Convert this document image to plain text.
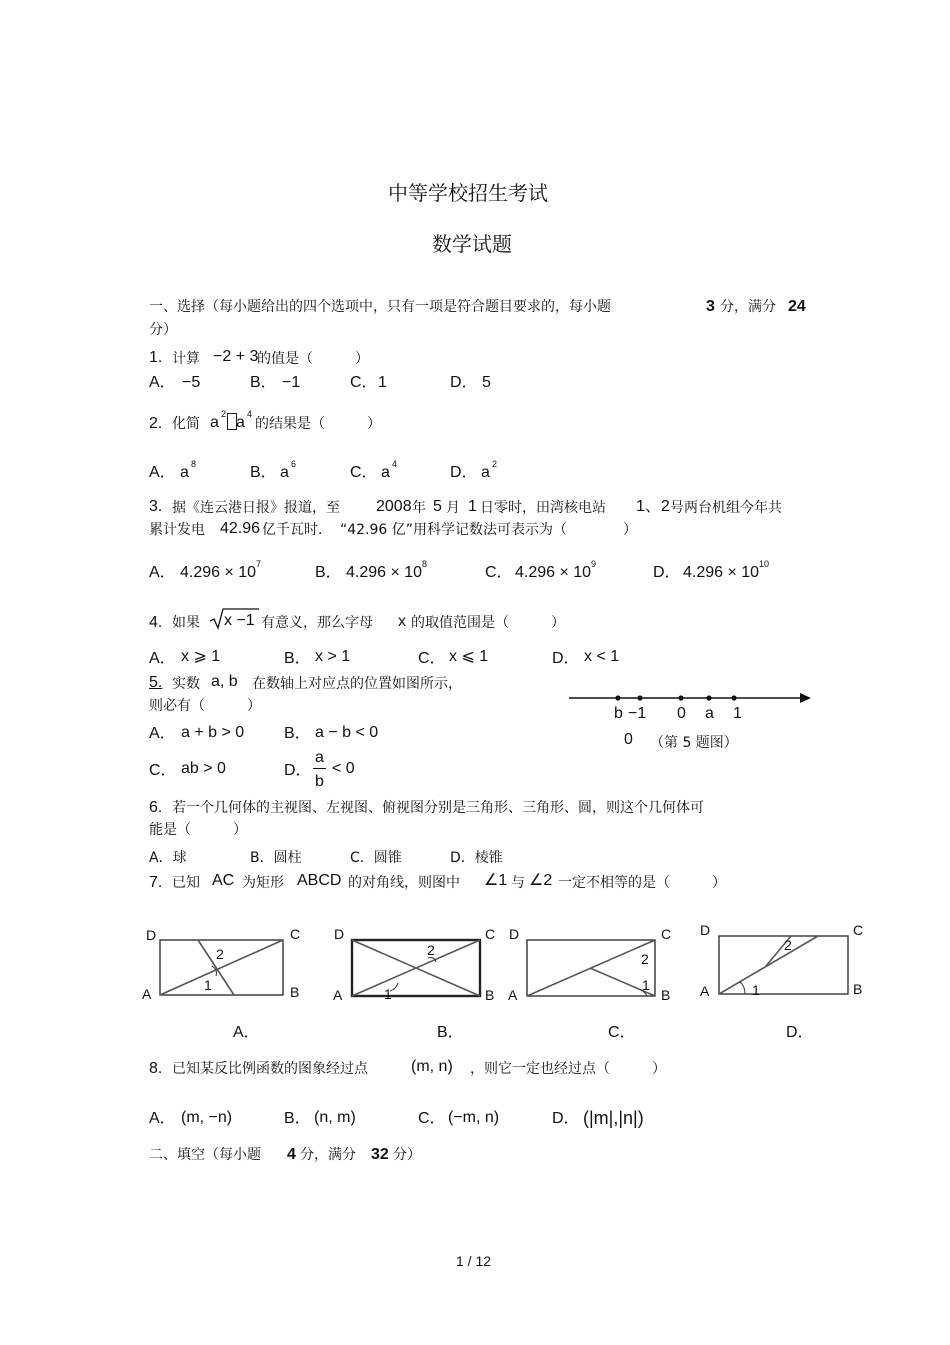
中等学校招生考试
数学试题
一、选择（每小题给出的四个选项中，只有一项是符合题目要求的，每小题	3 分，满分 24
分）
1. 计算 −2 + 3
的值是（　　　）
A． −5	B． −1	C． 1	D． 5
2. 化简 a 2 a 4
的结果是（　　　）
A． a 8	B． a 6	C． a 4	D． a 2
3. 据《连云港日报》报道，至 2008 年 5 月 1 日零时，田湾核电站 1、2 号两台机组今年共
累计发电 42.96 亿千瓦时． “42.96 亿”用科学记数法可表示为（　　　　）
A． 4.296 × 10 7	B． 4.296 × 10 8	C． 4.296 × 10 9	D． 4.296 × 10 10
4. 如果 x −1 有意义，那么字母 x 的取值范围是（　　　）
A． x ⩾ 1	B． x > 1	C． x ⩽ 1	D． x < 1
5. 实数 a, b 在数轴上对应点的位置如图所示，
则必有（　　　）
A． a + b > 0 B． a − b < 0
C． ab > 0	D．
a
b
< 0
b −1 0 a 1
0 （第 5 题图）
6. 若一个几何体的主视图、左视图、俯视图分别是三角形、三角形、圆，则这个几何体可
能是（　　　）
A．球	B．圆柱	C．圆锥	D．棱锥
7. 已知 AC 为矩形 ABCD 的对角线，则图中 ∠1 与 ∠2 一定不相等的是（　　　）
D	C
A	B
2
1
D	C
A	B
2
1
D	C
A	B
2
1
D	C
A	B
2
1
A．	B．	C．	D．
8. 已知某反比例函数的图象经过点	(m, n) ，则它一定也经过点（　　　）
A． (m, −n)	B． (n, m)	C． (−m, n)	D． (|m|,|n|)
二、填空（每小题 4 分，满分 32 分）
1 / 12
